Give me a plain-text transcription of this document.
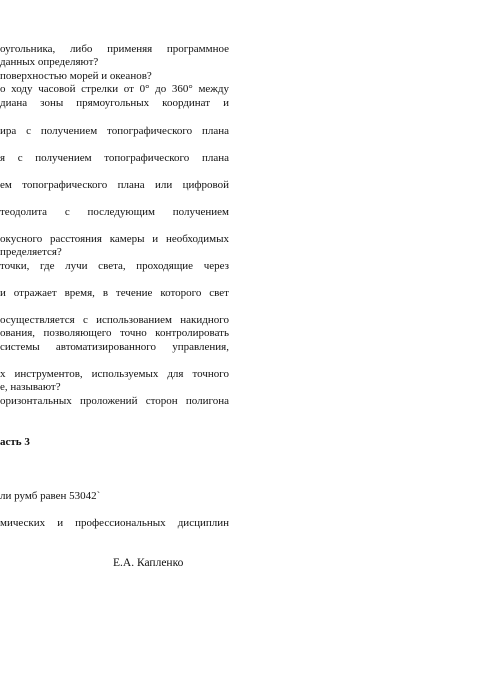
оугольника, либо применяя программное
данных определяют?
поверхностью морей и океанов?
о ходу часовой стрелки от 0° до 360° между
диана зоны прямоугольных координат и
ира с получением топографического плана
я с получением топографического плана
ем топографического плана или цифровой
теодолита с последующим получением
окусного расстояния камеры и необходимых
пределяется?
точки, где лучи света, проходящие через
и отражает время, в течение которого свет
осуществляется с использованием накидного
ования, позволяющего точно контролировать
системы автоматизированного управления,
х инструментов, используемых для точного
е, называют?
оризонтальных проложений сторон полигона
асть 3
ли румб равен 53042`
мических и профессиональных дисциплин
Е.А. Капленко
